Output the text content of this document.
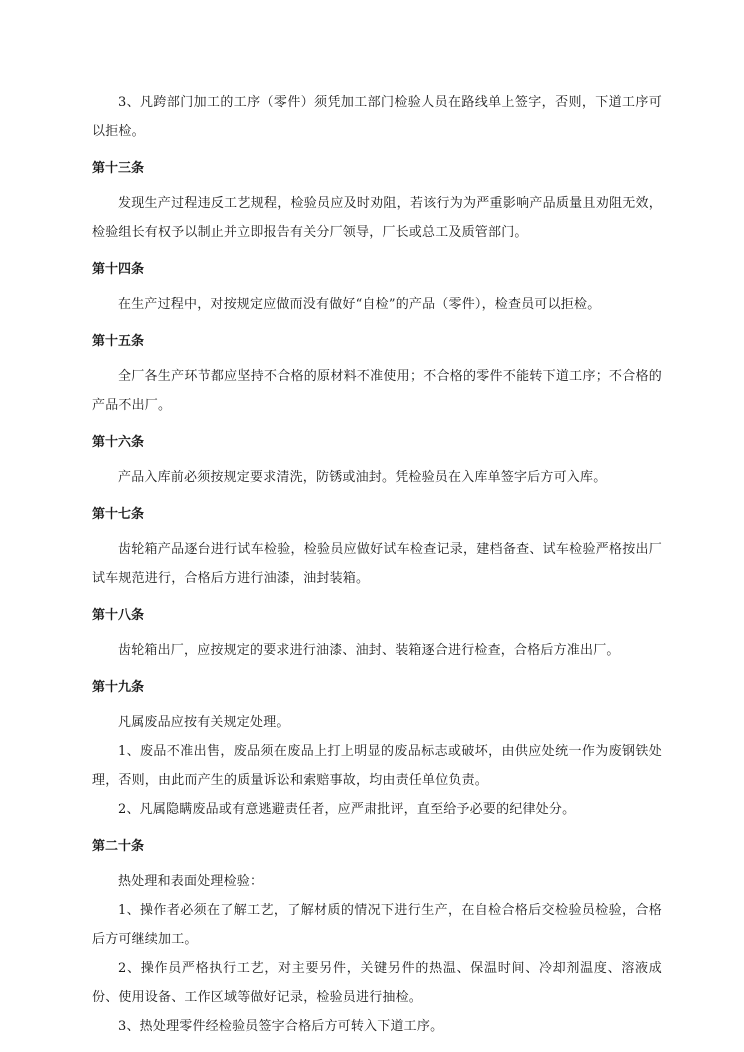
3、凡跨部门加工的工序（零件）须凭加工部门检验人员在路线单上签字，否则，下道工序可以拒检。

第十三条

发现生产过程违反工艺规程，检验员应及时劝阻，若该行为为严重影响产品质量且劝阻无效，检验组长有权予以制止并立即报告有关分厂领导，厂长或总工及质管部门。

第十四条

在生产过程中，对按规定应做而没有做好“自检”的产品（零件），检查员可以拒检。

第十五条

全厂各生产环节都应坚持不合格的原材料不准使用；不合格的零件不能转下道工序；不合格的产品不出厂。

第十六条

产品入库前必须按规定要求清洗，防锈或油封。凭检验员在入库单签字后方可入库。

第十七条

齿轮箱产品逐台进行试车检验，检验员应做好试车检查记录，建档备查、试车检验严格按出厂试车规范进行，合格后方进行油漆，油封装箱。

第十八条

齿轮箱出厂，应按规定的要求进行油漆、油封、装箱逐合进行检查，合格后方准出厂。

第十九条

凡属废品应按有关规定处理。

1、废品不准出售，废品须在废品上打上明显的废品标志或破坏，由供应处统一作为废钢铁处理，否则，由此而产生的质量诉讼和索赔事故，均由责任单位负责。

2、凡属隐瞒废品或有意逃避责任者，应严肃批评，直至给予必要的纪律处分。

第二十条

热处理和表面处理检验：

1、操作者必须在了解工艺，了解材质的情况下进行生产，在自检合格后交检验员检验，合格后方可继续加工。

2、操作员严格执行工艺，对主要另件，关键另件的热温、保温时间、冷却剂温度、溶液成份、使用设备、工作区域等做好记录，检验员进行抽检。

3、热处理零件经检验员签字合格后方可转入下道工序。
